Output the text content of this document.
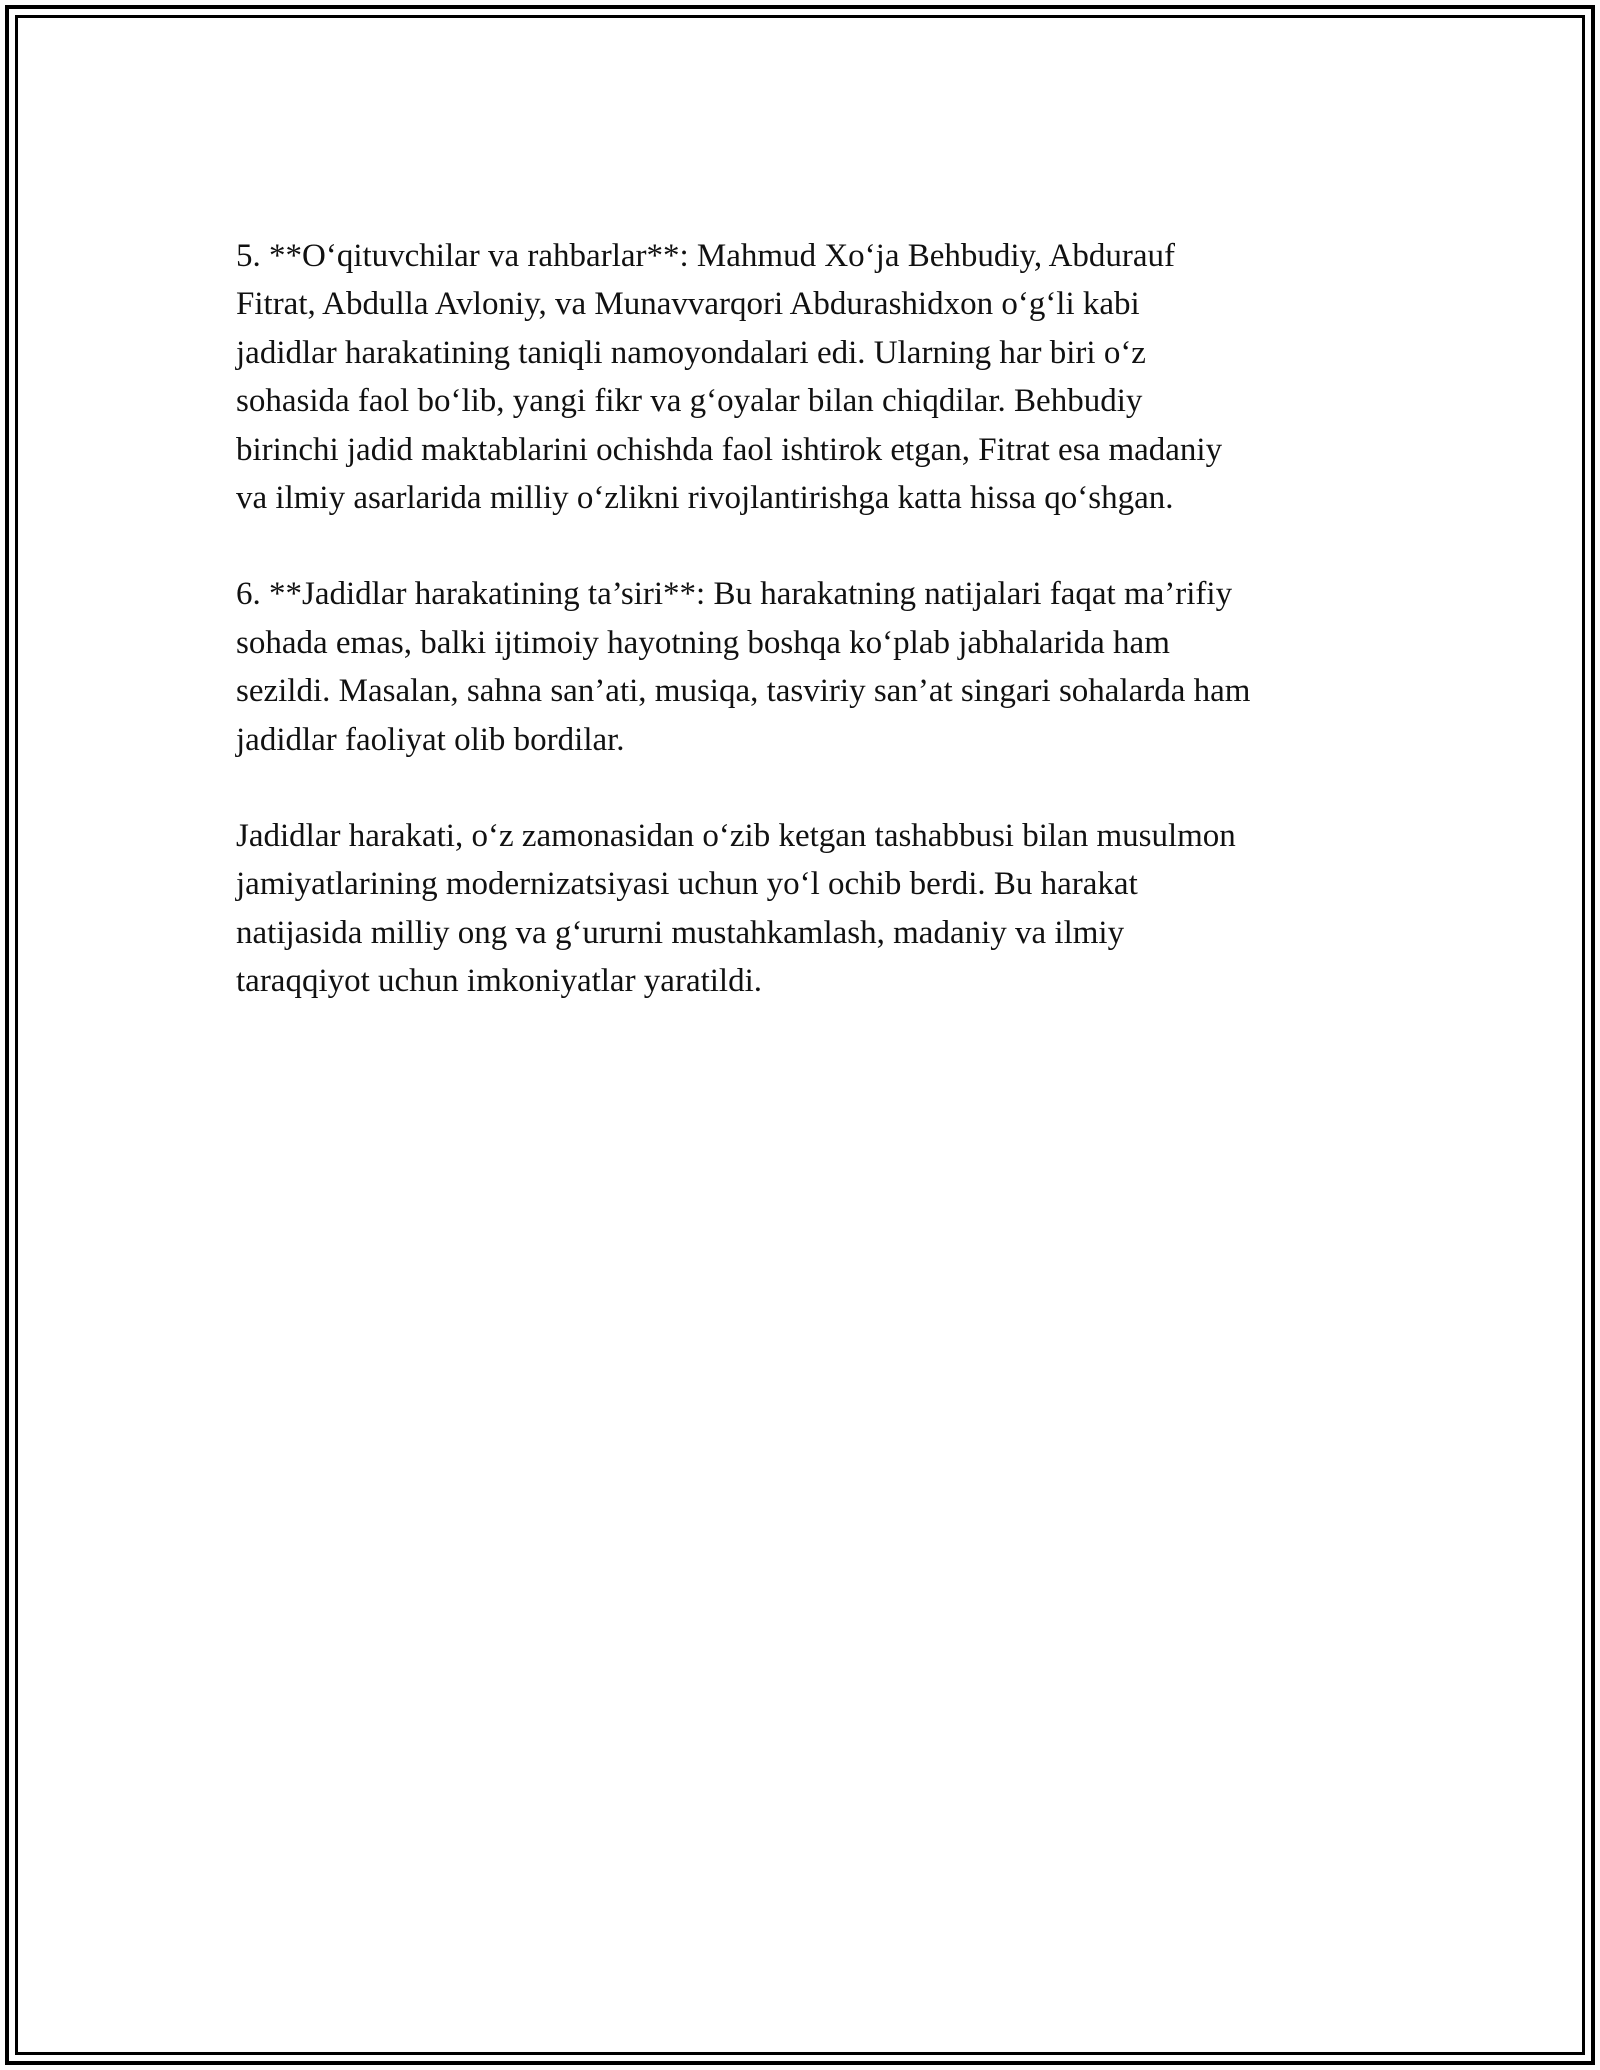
5. **O‘qituvchilar va rahbarlar**: Mahmud Xo‘ja Behbudiy, Abdurauf
Fitrat, Abdulla Avloniy, va Munavvarqori Abdurashidxon o‘g‘li kabi
jadidlar harakatining taniqli namoyondalari edi. Ularning har biri o‘z
sohasida faol bo‘lib, yangi fikr va g‘oyalar bilan chiqdilar. Behbudiy
birinchi jadid maktablarini ochishda faol ishtirok etgan, Fitrat esa madaniy
va ilmiy asarlarida milliy o‘zlikni rivojlantirishga katta hissa qo‘shgan.

6. **Jadidlar harakatining ta’siri**: Bu harakatning natijalari faqat ma’rifiy
sohada emas, balki ijtimoiy hayotning boshqa ko‘plab jabhalarida ham
sezildi. Masalan, sahna san’ati, musiqa, tasviriy san’at singari sohalarda ham
jadidlar faoliyat olib bordilar.

Jadidlar harakati, o‘z zamonasidan o‘zib ketgan tashabbusi bilan musulmon
jamiyatlarining modernizatsiyasi uchun yo‘l ochib berdi. Bu harakat
natijasida milliy ong va g‘ururni mustahkamlash, madaniy va ilmiy
taraqqiyot uchun imkoniyatlar yaratildi.
